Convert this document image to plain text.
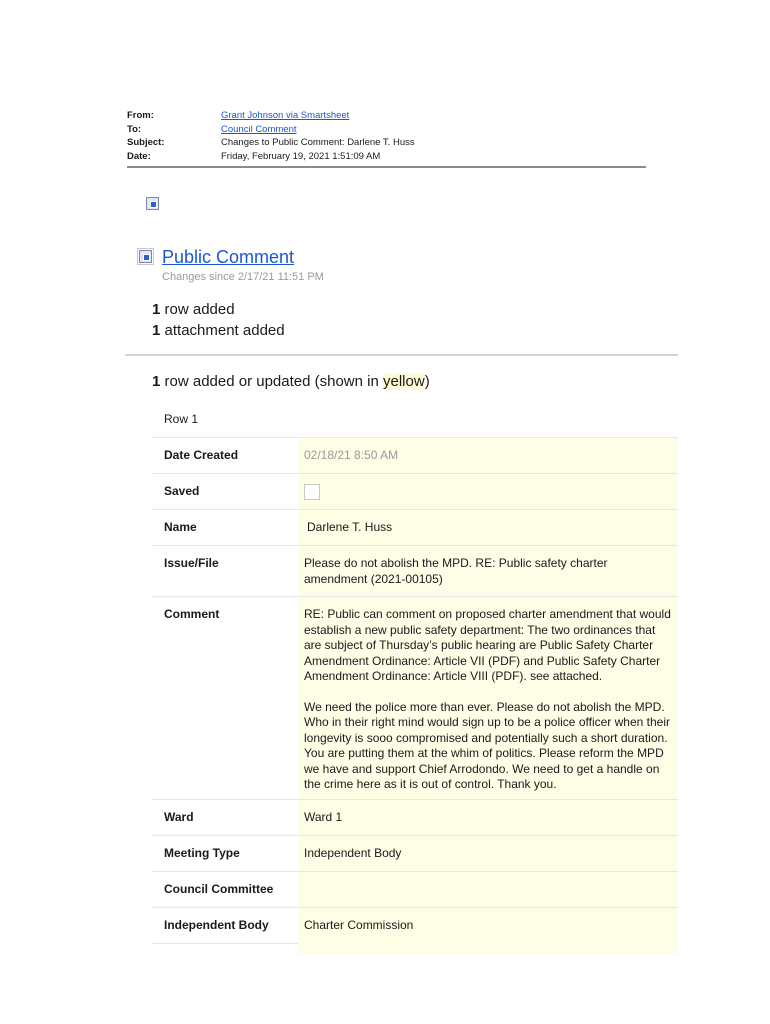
From:	Grant Johnson via Smartsheet
To:	Council Comment
Subject:	Changes to Public Comment: Darlene T. Huss
Date:	Friday, February 19, 2021 1:51:09 AM
Public Comment
Changes since 2/17/21 11:51 PM
1 row added
1 attachment added
1 row added or updated (shown in yellow)
Row 1
Date Created	02/18/21 8:50 AM
Saved
Name	Darlene T. Huss
Issue/File	Please do not abolish the MPD. RE: Public safety charter amendment (2021-00105)
Comment	RE: Public can comment on proposed charter amendment that would establish a new public safety department: The two ordinances that are subject of Thursday’s public hearing are Public Safety Charter Amendment Ordinance: Article VII (PDF) and Public Safety Charter Amendment Ordinance: Article VIII (PDF). see attached.
We need the police more than ever. Please do not abolish the MPD. Who in their right mind would sign up to be a police officer when their longevity is sooo compromised and potentially such a short duration. You are putting them at the whim of politics. Please reform the MPD we have and support Chief Arrodondo. We need to get a handle on the crime here as it is out of control. Thank you.
Ward	Ward 1
Meeting Type	Independent Body
Council Committee
Independent Body	Charter Commission
